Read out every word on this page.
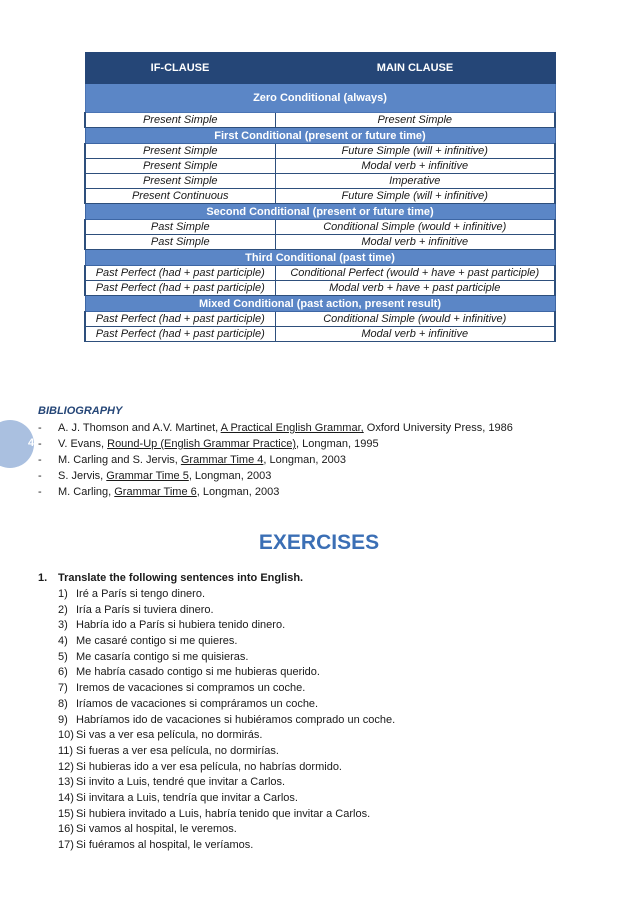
IF-CLAUSE	MAIN CLAUSE
Zero Conditional (always)	
Present Simple	Present Simple
First Conditional (present or future time)	
Present Simple	Future Simple (will + infinitive)
Present Simple	Modal verb + infinitive
Present Simple	Imperative
Present Continuous	Future Simple (will + infinitive)
Second Conditional (present or future time)	
Past Simple	Conditional Simple (would + infinitive)
Past Simple	Modal verb + infinitive
Third Conditional (past time)	
Past Perfect (had + past participle)	Conditional Perfect (would + have + past participle)
Past Perfect (had + past participle)	Modal verb + have + past participle
Mixed Conditional (past action, present result)	
Past Perfect (had + past participle)	Conditional Simple (would + infinitive)
Past Perfect (had + past participle)	Modal verb + infinitive
4
BIBLIOGRAPHY
- A. J. Thomson and A.V. Martinet, A Practical English Grammar, Oxford University Press, 1986
- V. Evans, Round-Up (English Grammar Practice), Longman, 1995
- M. Carling and S. Jervis, Grammar Time 4, Longman, 2003
- S. Jervis, Grammar Time 5, Longman, 2003
- M. Carling, Grammar Time 6, Longman, 2003
EXERCISES
1. Translate the following sentences into English.
1) Iré a París si tengo dinero.
2) Iría a París si tuviera dinero.
3) Habría ido a París si hubiera tenido dinero.
4) Me casaré contigo si me quieres.
5) Me casaría contigo si me quisieras.
6) Me habría casado contigo si me hubieras querido.
7) Iremos de vacaciones si compramos un coche.
8) Iríamos de vacaciones si compráramos un coche.
9) Habríamos ido de vacaciones si hubiéramos comprado un coche.
10) Si vas a ver esa película, no dormirás.
11) Si fueras a ver esa película, no dormirías.
12) Si hubieras ido a ver esa película, no habrías dormido.
13) Si invito a Luis, tendré que invitar a Carlos.
14) Si invitara a Luis, tendría que invitar a Carlos.
15) Si hubiera invitado a Luis, habría tenido que invitar a Carlos.
16) Si vamos al hospital, le veremos.
17) Si fuéramos al hospital, le veríamos.
